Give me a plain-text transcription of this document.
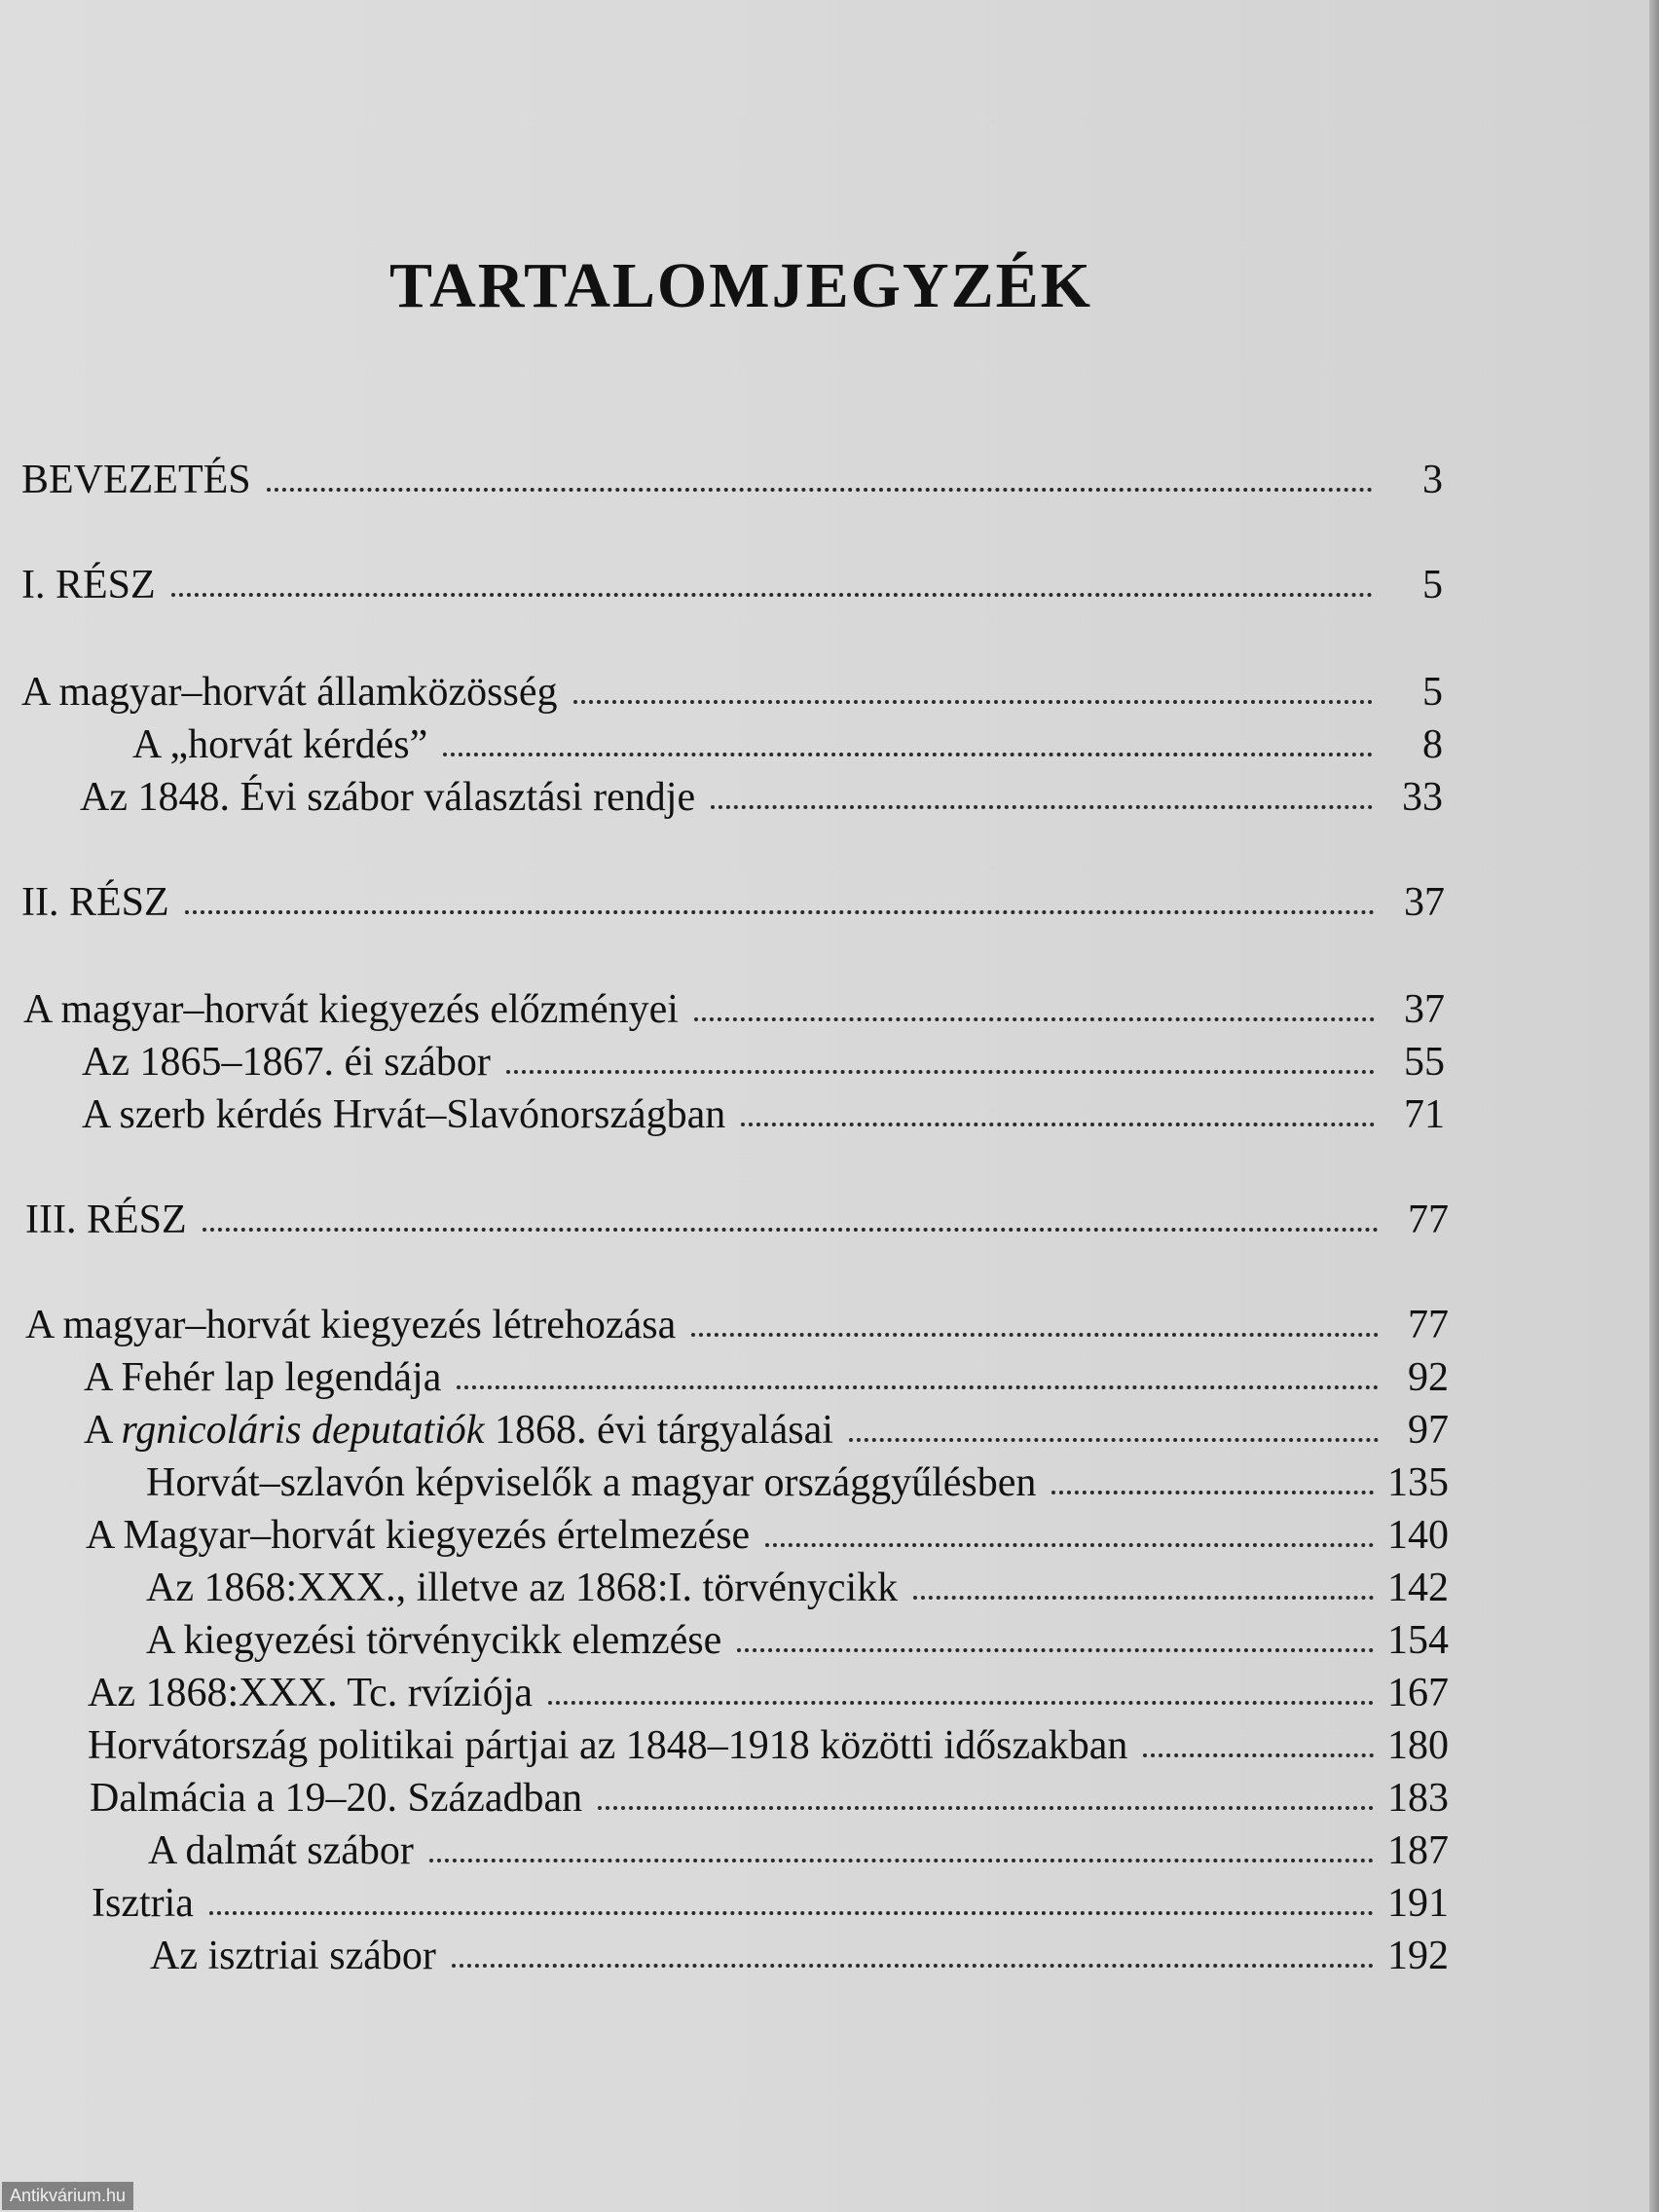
TARTALOMJEGYZÉK
BEVEZETÉS	3
I. RÉSZ	5
A magyar–horvát államközösség	5
A „horvát kérdés”	8
Az 1848. Évi szábor választási rendje	33
II. RÉSZ	37
A magyar–horvát kiegyezés előzményei	37
Az 1865–1867. éi szábor	55
A szerb kérdés Hrvát–Slavónországban	71
III. RÉSZ	77
A magyar–horvát kiegyezés létrehozása	77
A Fehér lap legendája	92
A rgnicoláris deputatiók 1868. évi tárgyalásai	97
Horvát–szlavón képviselők a magyar országgyűlésben	135
A Magyar–horvát kiegyezés értelmezése	140
Az 1868:XXX., illetve az 1868:I. törvénycikk	142
A kiegyezési törvénycikk elemzése	154
Az 1868:XXX. Tc. rvíziója	167
Horvátország politikai pártjai az 1848–1918 közötti időszakban	180
Dalmácia a 19–20. Században	183
A dalmát szábor	187
Isztria	191
Az isztriai szábor	192
Antikvárium.hu
